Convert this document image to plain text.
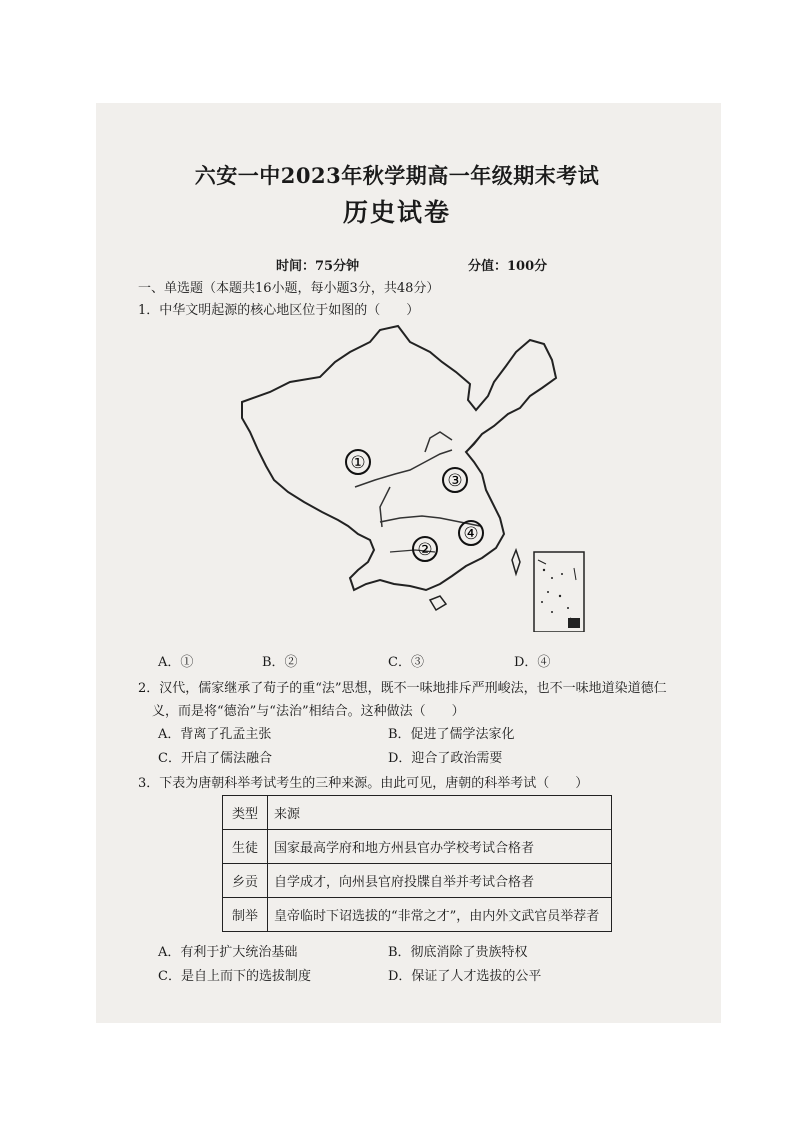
六安一中2023年秋学期高一年级期末考试
历史试卷
时间：75分钟	分值：100分
一、单选题（本题共16小题，每小题3分，共48分）
1．中华文明起源的核心地区位于如图的（　　）
①
③
④
②
A．①	B．②	C．③	D．④
2．汉代，儒家继承了荀子的重“法”思想，既不一味地排斥严刑峻法，也不一味地道染道德仁
义，而是将“德治”与“法治”相结合。这种做法（　　）
A．背离了孔孟主张	B．促进了儒学法家化
C．开启了儒法融合	D．迎合了政治需要
3．下表为唐朝科举考试考生的三种来源。由此可见，唐朝的科举考试（　　）
类型	来源
生徒	国家最高学府和地方州县官办学校考试合格者
乡贡	自学成才，向州县官府投牒自举并考试合格者
制举	皇帝临时下诏选拔的“非常之才”，由内外文武官员举荐者
A．有利于扩大统治基础	B．彻底消除了贵族特权
C．是自上而下的选拔制度	D．保证了人才选拔的公平
